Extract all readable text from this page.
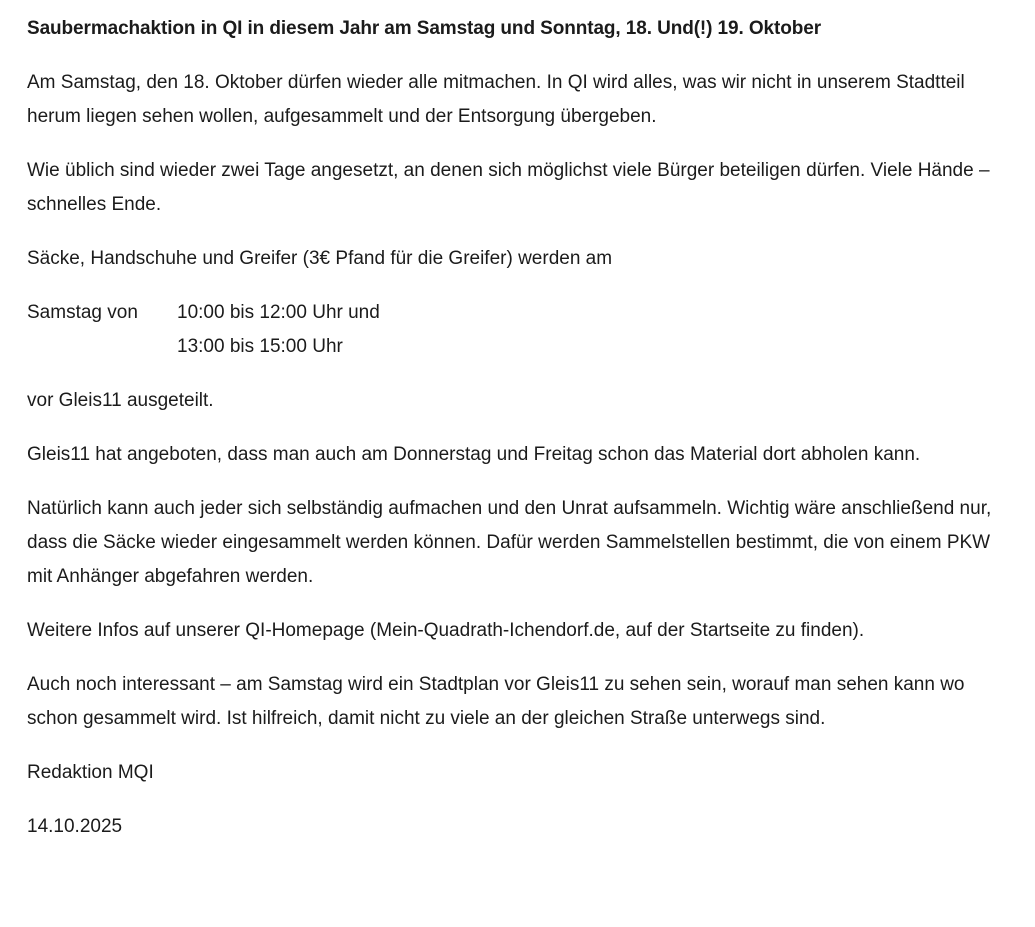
Saubermachaktion in QI in diesem Jahr am Samstag und Sonntag, 18. Und(!) 19. Oktober

Am Samstag, den 18. Oktober dürfen wieder alle mitmachen. In QI wird alles, was wir nicht in unserem Stadtteil herum liegen sehen wollen, aufgesammelt und der Entsorgung übergeben.

Wie üblich sind wieder zwei Tage angesetzt, an denen sich möglichst viele Bürger beteiligen dürfen. Viele Hände – schnelles Ende.

Säcke, Handschuhe und Greifer (3€ Pfand für die Greifer) werden am

Samstag von	10:00 bis 12:00 Uhr und
13:00 bis 15:00 Uhr

vor Gleis11 ausgeteilt.

Gleis11 hat angeboten, dass man auch am Donnerstag und Freitag schon das Material dort abholen kann.

Natürlich kann auch jeder sich selbständig aufmachen und den Unrat aufsammeln. Wichtig wäre anschließend nur, dass die Säcke wieder eingesammelt werden können. Dafür werden Sammelstellen bestimmt, die von einem PKW mit Anhänger abgefahren werden.

Weitere Infos auf unserer QI-Homepage (Mein-Quadrath-Ichendorf.de, auf der Startseite zu finden).

Auch noch interessant – am Samstag wird ein Stadtplan vor Gleis11 zu sehen sein, worauf man sehen kann wo schon gesammelt wird. Ist hilfreich, damit nicht zu viele an der gleichen Straße unterwegs sind.

Redaktion MQI

14.10.2025
